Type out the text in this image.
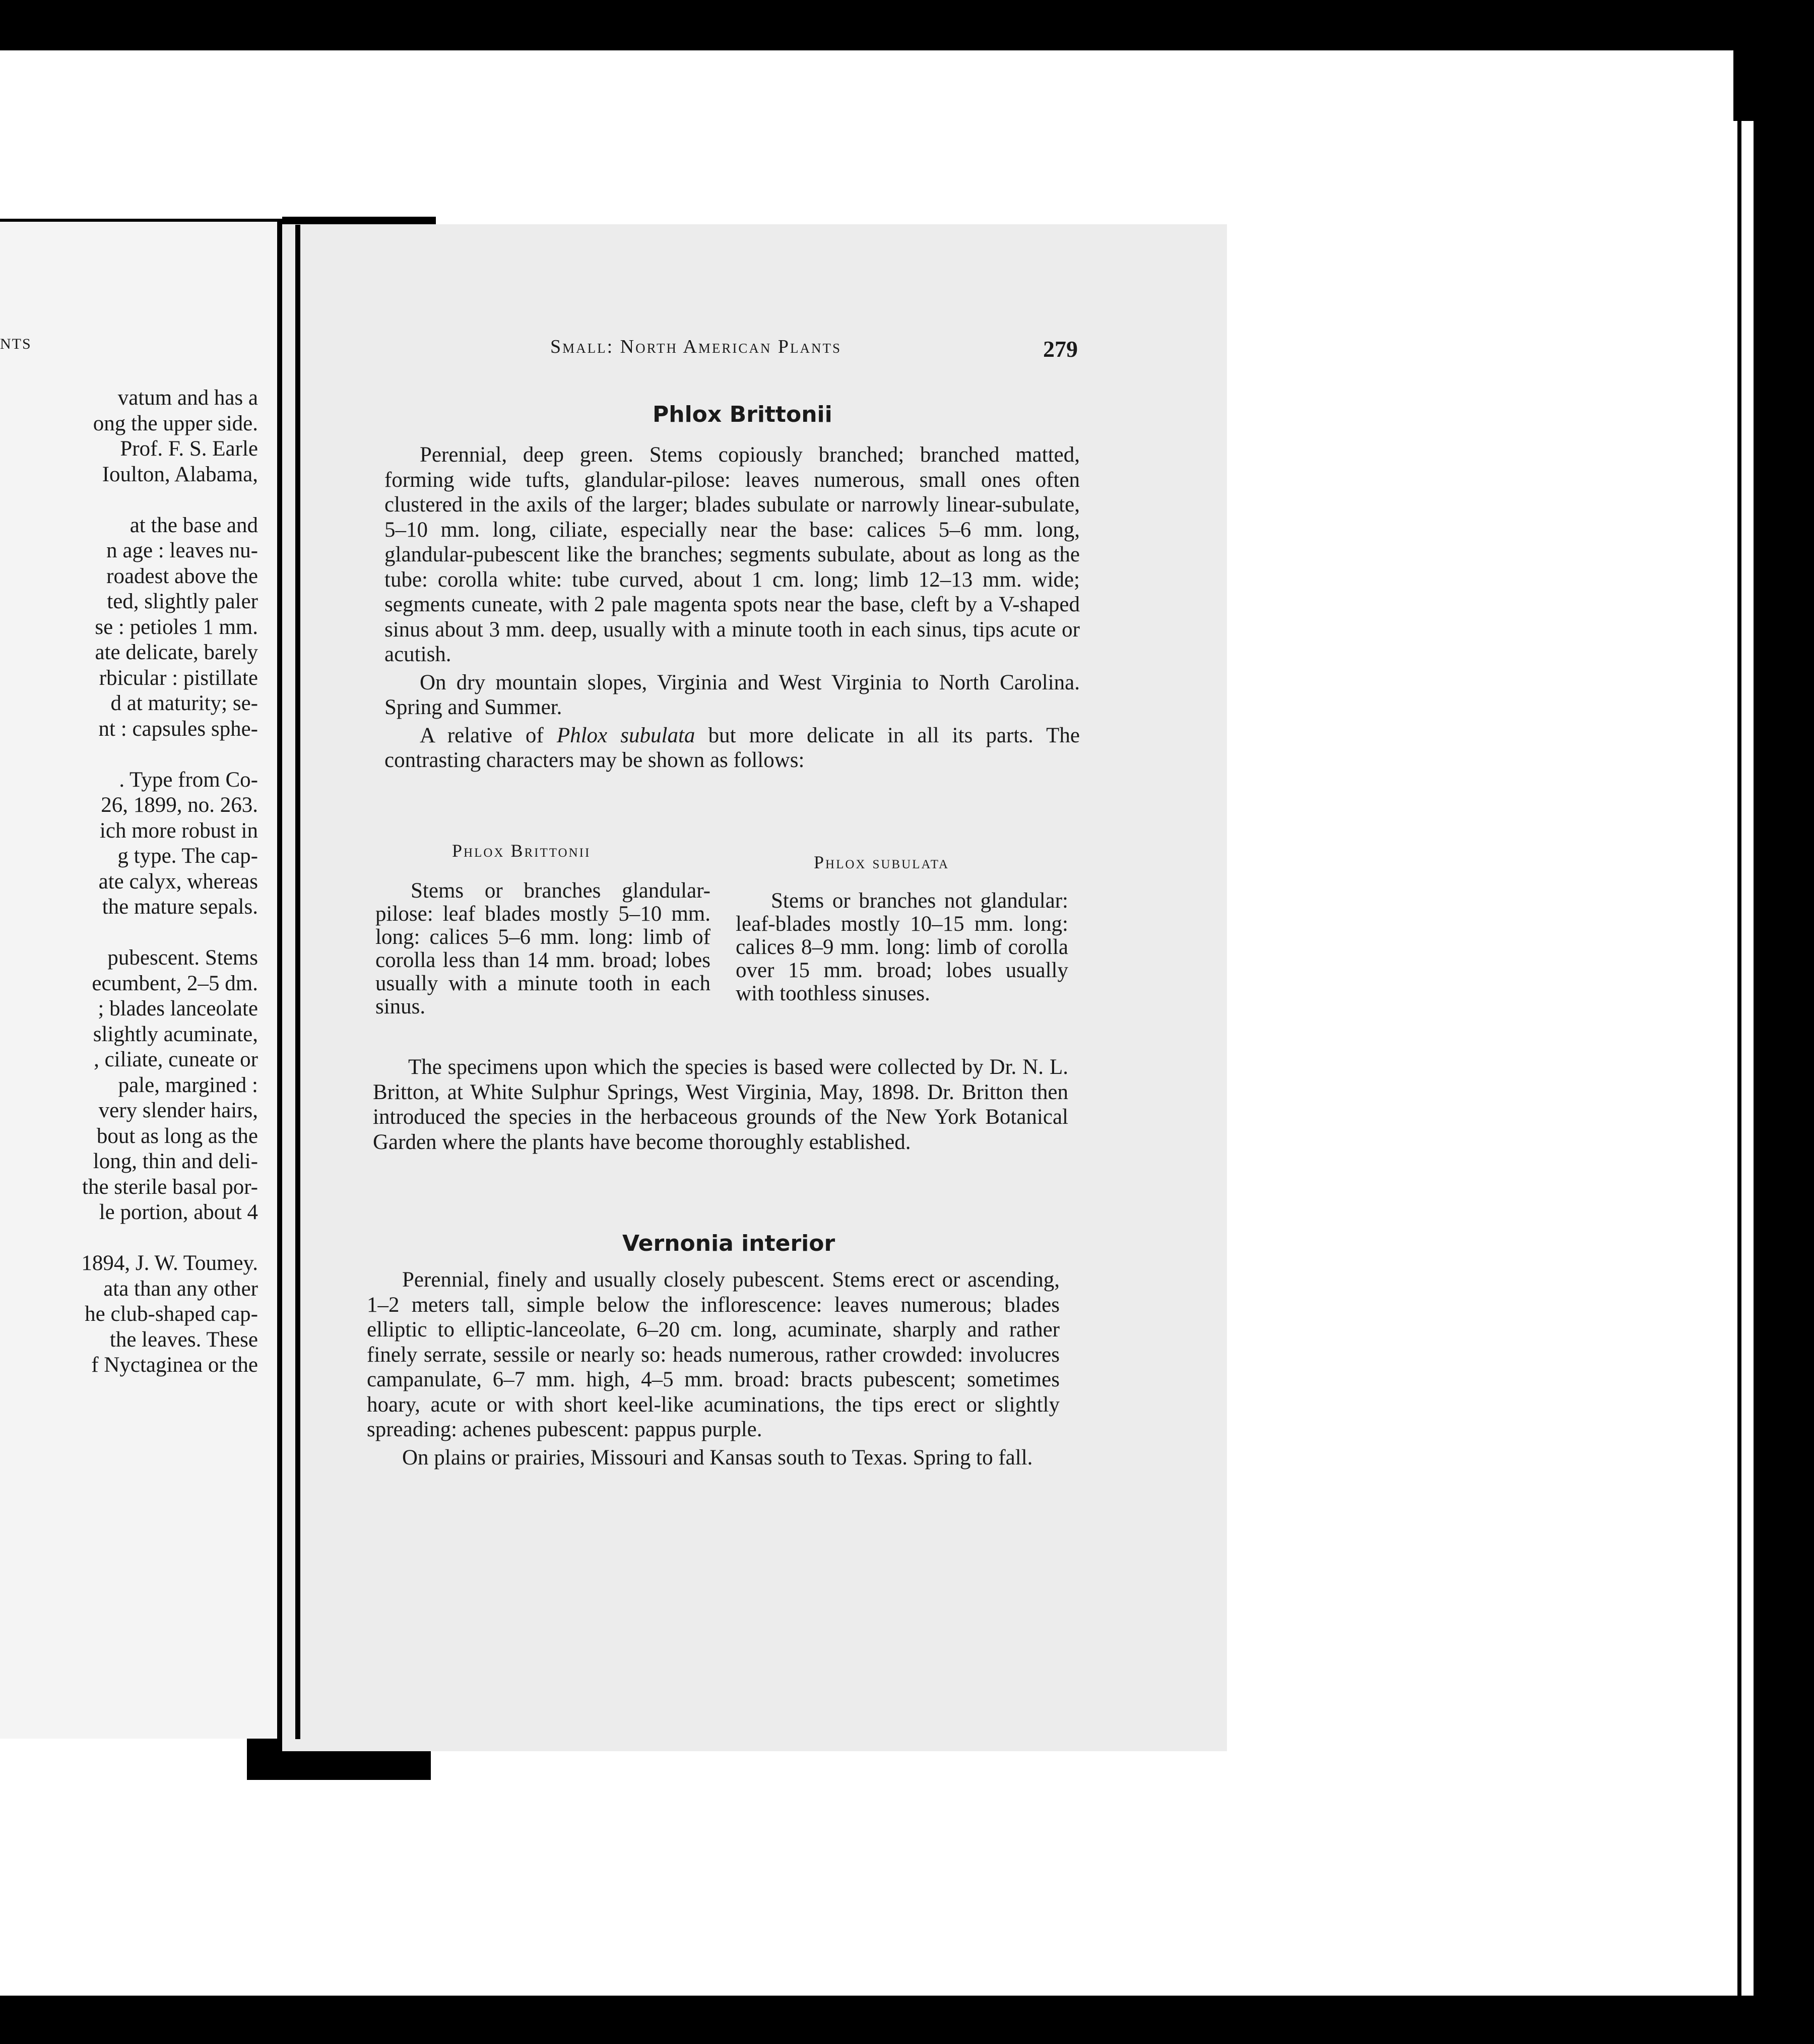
NTS
vatum and has a
ong the upper side.
Prof. F. S. Earle
Ioulton, Alabama,
at the base and
n age : leaves nu-
roadest above the
ted, slightly paler
se : petioles 1 mm.
ate delicate, barely
rbicular : pistillate
d at maturity; se-
nt : capsules sphe-
. Type from Co-
26, 1899, no. 263.
ich more robust in
g type. The cap-
ate calyx, whereas
the mature sepals.
pubescent. Stems
ecumbent, 2–5 dm.
; blades lanceolate
slightly acuminate,
, ciliate, cuneate or
pale, margined :
very slender hairs,
bout as long as the
long, thin and deli-
the sterile basal por-
le portion, about 4
1894, J. W. Toumey.
ata than any other
he club-shaped cap-
the leaves. These
f Nyctaginea or the
Small: North American Plants	279
Phlox Brittonii

Perennial, deep green. Stems copiously branched; branched matted, forming wide tufts, glandular-pilose: leaves numerous, small ones often clustered in the axils of the larger; blades subulate or narrowly linear-subulate, 5–10 mm. long, ciliate, especially near the base: calices 5–6 mm. long, glandular-pubescent like the branches; segments subulate, about as long as the tube: corolla white: tube curved, about 1 cm. long; limb 12–13 mm. wide; segments cuneate, with 2 pale magenta spots near the base, cleft by a V-shaped sinus about 3 mm. deep, usually with a minute tooth in each sinus, tips acute or acutish.

On dry mountain slopes, Virginia and West Virginia to North Carolina. Spring and Summer.

A relative of Phlox subulata but more delicate in all its parts. The contrasting characters may be shown as follows:

Phlox Brittonii
Phlox subulata
Stems or branches glandular-pilose: leaf blades mostly 5–10 mm. long: calices 5–6 mm. long: limb of corolla less than 14 mm. broad; lobes usually with a minute tooth in each sinus.
Stems or branches not glandular: leaf-blades mostly 10–15 mm. long: calices 8–9 mm. long: limb of corolla over 15 mm. broad; lobes usually with toothless sinuses.

The specimens upon which the species is based were collected by Dr. N. L. Britton, at White Sulphur Springs, West Virginia, May, 1898. Dr. Britton then introduced the species in the herbaceous grounds of the New York Botanical Garden where the plants have become thoroughly established.

Vernonia interior

Perennial, finely and usually closely pubescent. Stems erect or ascending, 1–2 meters tall, simple below the inflorescence: leaves numerous; blades elliptic to elliptic-lanceolate, 6–20 cm. long, acuminate, sharply and rather finely serrate, sessile or nearly so: heads numerous, rather crowded: involucres campanulate, 6–7 mm. high, 4–5 mm. broad: bracts pubescent; sometimes hoary, acute or with short keel-like acuminations, the tips erect or slightly spreading: achenes pubescent: pappus purple.

On plains or prairies, Missouri and Kansas south to Texas. Spring to fall.
